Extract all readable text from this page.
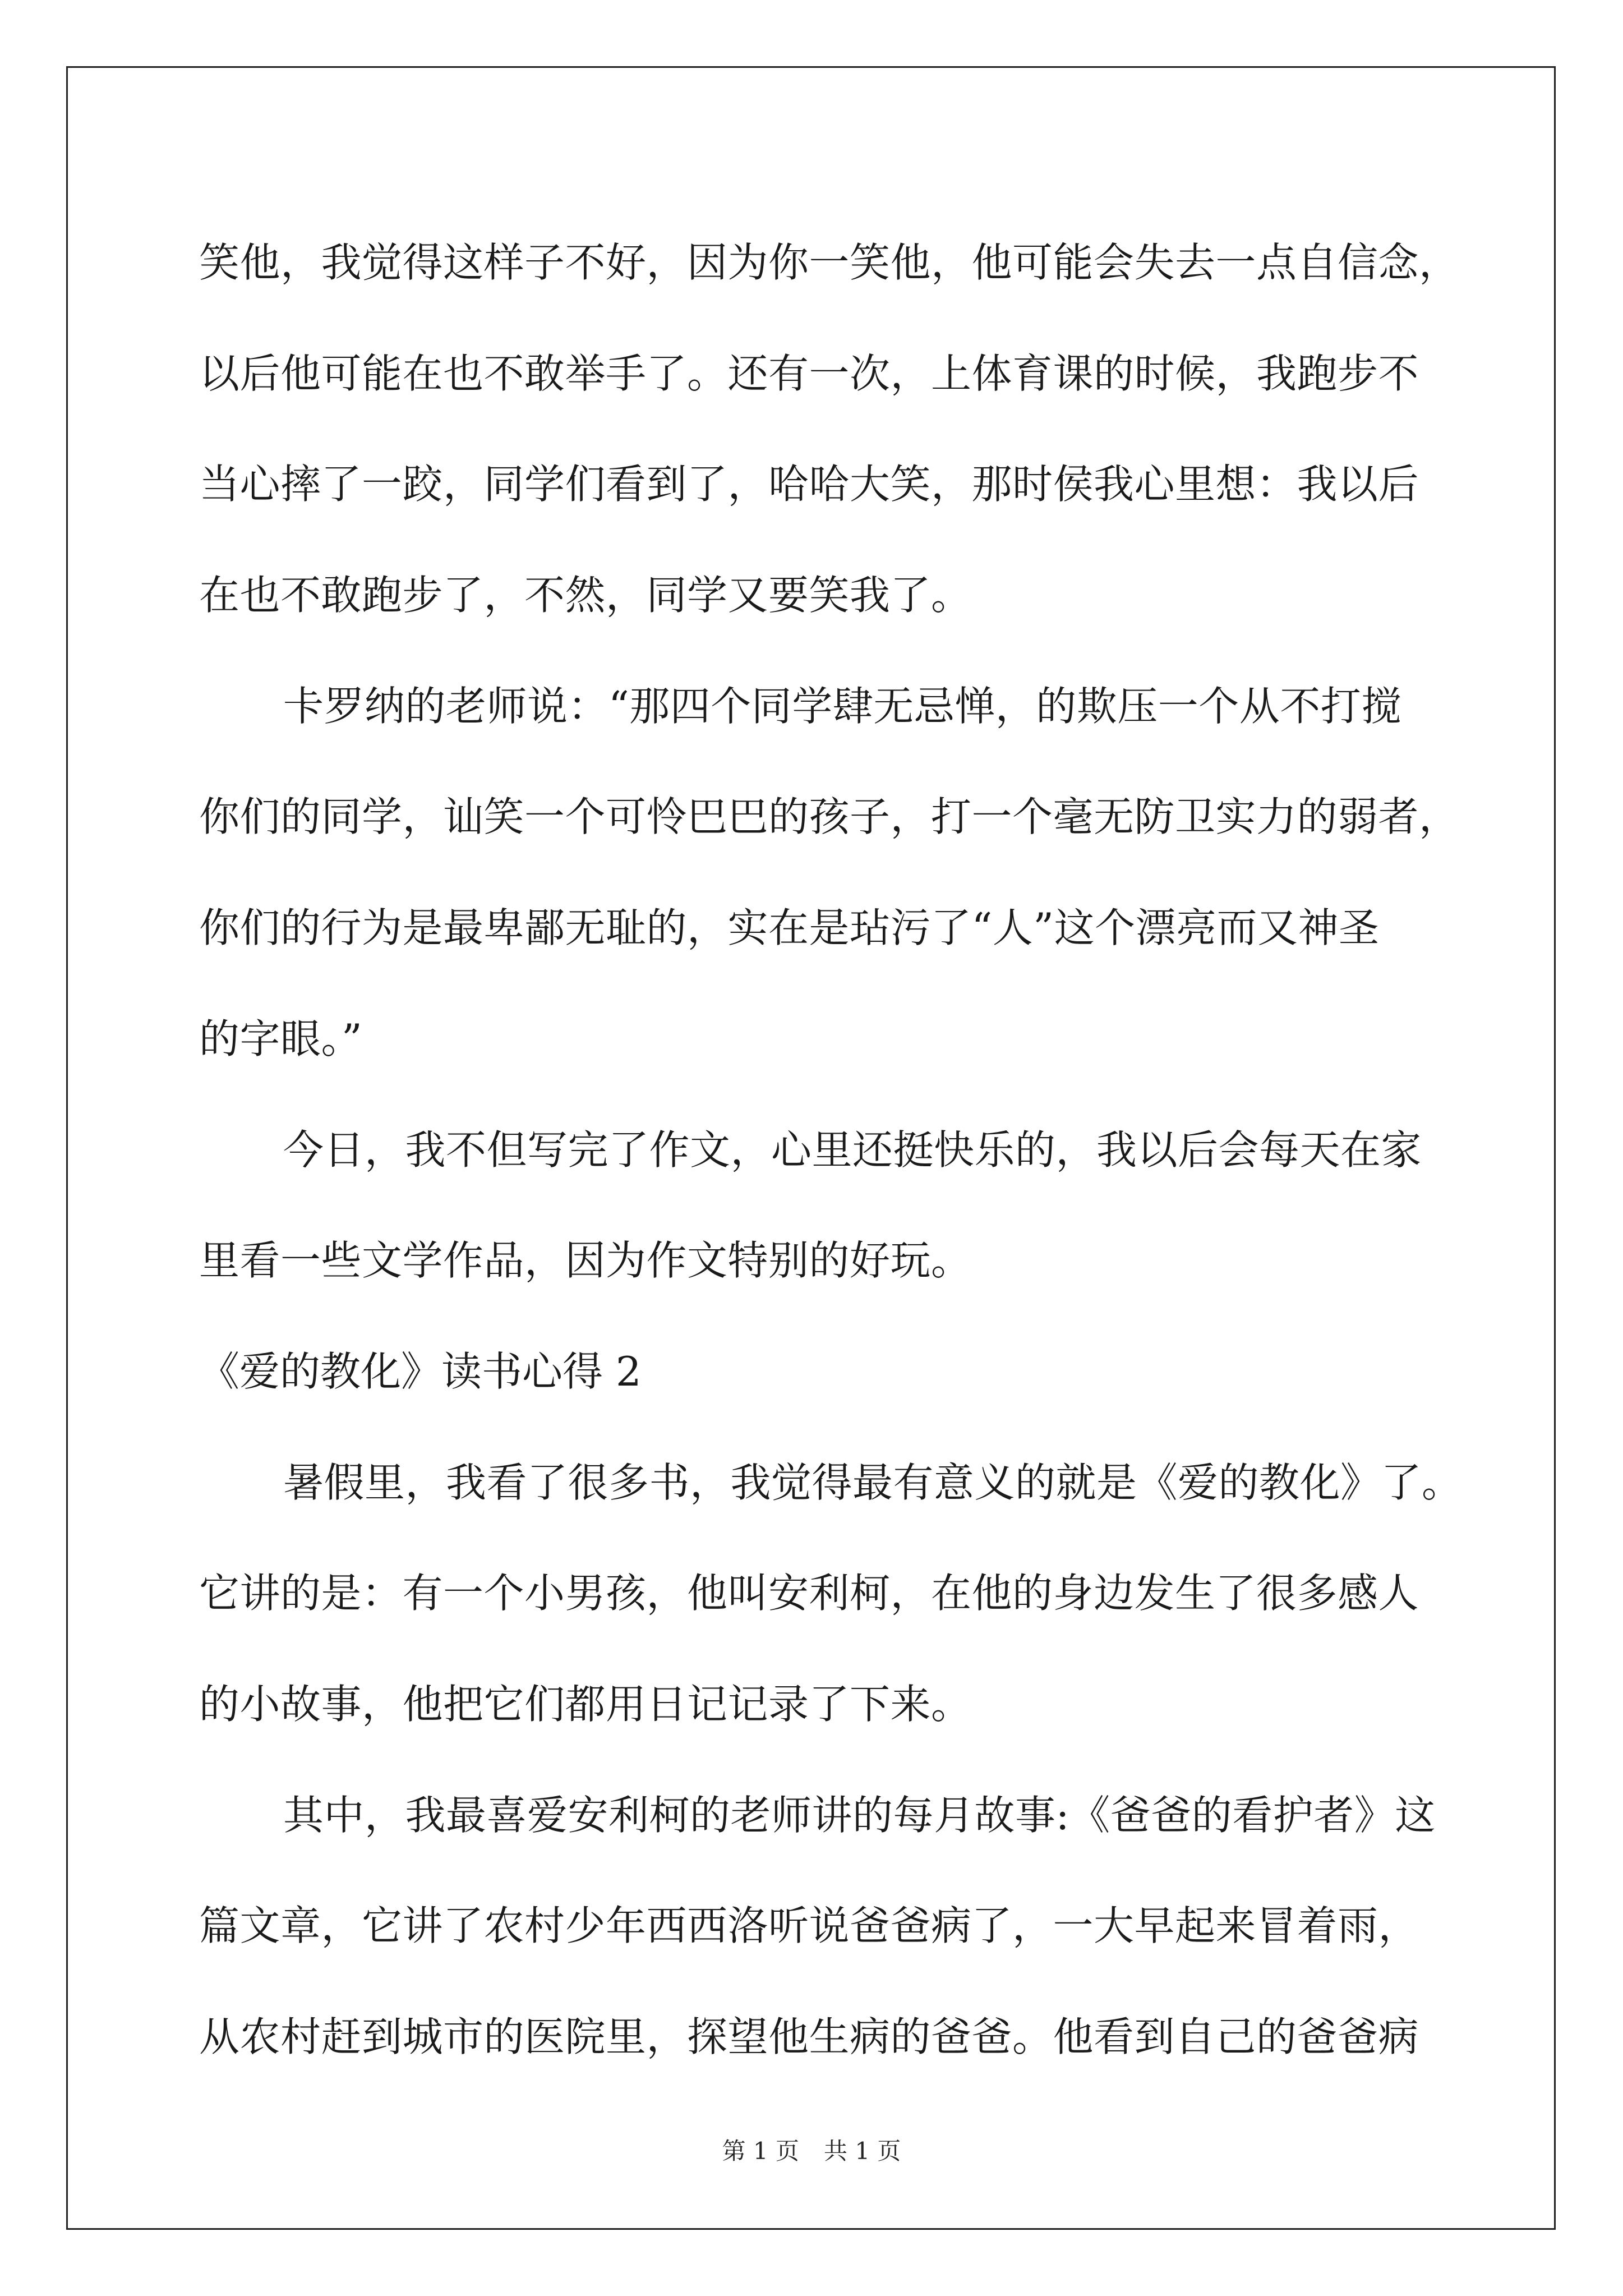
笑他，我觉得这样子不好，因为你一笑他，他可能会失去一点自信念，
以后他可能在也不敢举手了。还有一次，上体育课的时候，我跑步不
当心摔了一跤，同学们看到了，哈哈大笑，那时侯我心里想：我以后
在也不敢跑步了，不然，同学又要笑我了。
卡罗纳的老师说：“那四个同学肆无忌惮，的欺压一个从不打搅
你们的同学，讪笑一个可怜巴巴的孩子，打一个毫无防卫实力的弱者，
你们的行为是最卑鄙无耻的，实在是玷污了“人”这个漂亮而又神圣
的字眼。”
今日，我不但写完了作文，心里还挺快乐的，我以后会每天在家
里看一些文学作品，因为作文特别的好玩。
《爱的教化》读书心得 2
暑假里，我看了很多书，我觉得最有意义的就是《爱的教化》了。
它讲的是：有一个小男孩，他叫安利柯，在他的身边发生了很多感人
的小故事，他把它们都用日记记录了下来。
其中，我最喜爱安利柯的老师讲的每月故事:《爸爸的看护者》这
篇文章，它讲了农村少年西西洛听说爸爸病了，一大早起来冒着雨，
从农村赶到城市的医院里，探望他生病的爸爸。他看到自己的爸爸病
第 1 页 共 1 页
